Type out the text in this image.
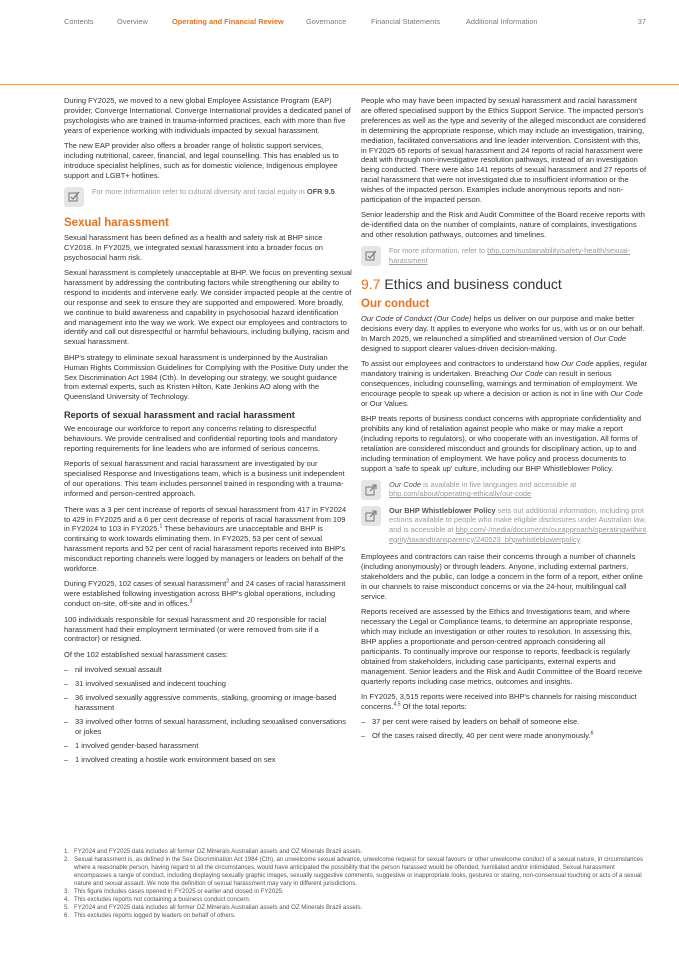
Contents	Overview	Operating and Financial Review	Governance	Financial Statements	Additional Information	37

During FY2025, we moved to a new global Employee Assistance Program (EAP) provider, Converge International. Converge International provides a dedicated panel of psychologists who are trained in trauma-informed practices, each with more than five years of experience working with individuals impacted by sexual harassment.

The new EAP provider also offers a broader range of holistic support services, including nutritional, career, financial, and legal counselling. This has enabled us to introduce specialist helplines, such as for domestic violence, Indigenous employee support and LGBT+ hotlines.

For more information refer to cultural diversity and racial equity in OFR 9.5.
Sexual harassment

Sexual harassment has been defined as a health and safety risk at BHP since CY2018. In FY2025, we integrated sexual harassment into a broader focus on psychosocial harm risk.

Sexual harassment is completely unacceptable at BHP. We focus on preventing sexual harassment by addressing the contributing factors while strengthening our ability to respond to incidents and intervene early. We consider impacted people at the centre of our response and seek to ensure they are supported and empowered. More broadly, we continue to build awareness and capability in psychosocial hazard identification and management into the way we work. We expect our employees and contractors to identify and call out disrespectful or harmful behaviours, including bullying, racism and sexual harassment.

BHP's strategy to eliminate sexual harassment is underpinned by the Australian Human Rights Commission Guidelines for Complying with the Positive Duty under the Sex Discrimination Act 1984 (Cth). In developing our strategy, we sought guidance from external experts, such as Kristen Hilton, Kate Jenkins AO along with the Queensland University of Technology.

Reports of sexual harassment and racial harassment

We encourage our workforce to report any concerns relating to disrespectful behaviours. We provide centralised and confidential reporting tools and mandatory reporting requirements for line leaders who are informed of serious concerns.

Reports of sexual harassment and racial harassment are investigated by our specialised Response and Investigations team, which is a business unit independent of our operations. This team includes personnel trained in responding with a trauma-informed and person-centred approach.

There was a 3 per cent increase of reports of sexual harassment from 417 in FY2024 to 429 in FY2025 and a 6 per cent decrease of reports of racial harassment from 109 in FY2024 to 103 in FY2025.$^1$ These behaviours are unacceptable and BHP is continuing to work towards eliminating them. In FY2025, 53 per cent of sexual harassment reports and 52 per cent of racial harassment reports received into BHP's misconduct reporting channels were logged by managers or leaders on behalf of the workforce.

During FY2025, 102 cases of sexual harassment$^2$ and 24 cases of racial harassment were established following investigation across BHP's global operations, including conduct on-site, off-site and in offices.$^3$

100 individuals responsible for sexual harassment and 20 responsible for racial harassment had their employment terminated (or were removed from site if a contractor) or resigned.

Of the 102 established sexual harassment cases:

– nil involved sexual assault
– 31 involved sexualised and indecent touching
– 36 involved sexually aggressive comments, stalking, grooming or image-based harassment
– 33 involved other forms of sexual harassment, including sexualised conversations or jokes
– 1 involved gender-based harassment
– 1 involved creating a hostile work environment based on sex

People who may have been impacted by sexual harassment and racial harassment are offered specialised support by the Ethics Support Service. The impacted person's preferences as well as the type and severity of the alleged misconduct are considered in determining the appropriate response, which may include an investigation, training, mediation, facilitated conversations and line leader intervention. Consistent with this, in FY2025 65 reports of sexual harassment and 24 reports of racial harassment were dealt with through non-investigative resolution pathways, instead of an investigation being conducted. There were also 141 reports of sexual harassment and 27 reports of racial harassment that were not investigated due to insufficient information or the wishes of the impacted person. Examples include anonymous reports and non-participation of the impacted person.

Senior leadership and the Risk and Audit Committee of the Board receive reports with de-identified data on the number of complaints, nature of complaints, investigations and other resolution pathways, outcomes and timelines.

For more information, refer to bhp.com/sustainability/safety-health/sexual-harassment
9.7 Ethics and business conduct
Our conduct

Our Code of Conduct (Our Code) helps us deliver on our purpose and make better decisions every day. It applies to everyone who works for us, with us or on our behalf. In March 2025, we relaunched a simplified and streamlined version of Our Code designed to support clearer values-driven decision-making.

To assist our employees and contractors to understand how Our Code applies, regular mandatory training is undertaken. Breaching Our Code can result in serious consequences, including counselling, warnings and termination of employment. We encourage people to speak up where a decision or action is not in line with Our Code or Our Values.

BHP treats reports of business conduct concerns with appropriate confidentiality and prohibits any kind of retaliation against people who make or may make a report (including reports to regulators), or who cooperate with an investigation. All forms of retaliation are considered misconduct and grounds for disciplinary action, up to and including termination of employment. We have policy and process documents to support a 'safe to speak up' culture, including our BHP Whistleblower Policy.

Our Code is available in five languages and accessible at bhp.com/about/operating-ethically/our-code
Our BHP Whistleblower Policy sets out additional information, including protections available to people who make eligible disclosures under Australian law, and is accessible at bhp.com/-/media/documents/ourapproach/operatingwithintegrity/taxandtransparency/240523_bhpwhistleblowerpolicy

Employees and contractors can raise their concerns through a number of channels (including anonymously) or through leaders. Anyone, including external partners, stakeholders and the public, can lodge a concern in the form of a report, either online in our channels to raise misconduct concerns or via the 24-hour, multilingual call service.

Reports received are assessed by the Ethics and Investigations team, and where necessary the Legal or Compliance teams, to determine an appropriate response, which may include an investigation or other routes to resolution. In assessing this, BHP applies a proportionate and person-centred approach considering all participants. To continually improve our response to reports, feedback is regularly obtained from stakeholders, including case participants, external experts and management. Senior leaders and the Risk and Audit Committee of the Board receive quarterly reports including case metrics, outcomes and insights.

In FY2025, 3,515 reports were received into BHP's channels for raising misconduct concerns.$^{4,5}$ Of the total reports:

– 37 per cent were raised by leaders on behalf of someone else.
– Of the cases raised directly, 40 per cent were made anonymously.$^6$
1. FY2024 and FY2025 data includes all former OZ Minerals Australian assets and OZ Minerals Brazil assets.
2. Sexual harassment is, as defined in the Sex Discrimination Act 1984 (Cth), an unwelcome sexual advance, unwelcome request for sexual favours or other unwelcome conduct of a sexual nature, in circumstances where a reasonable person, having regard to all the circumstances, would have anticipated the possibility that the person harassed would be offended, humiliated and/or intimidated. Sexual harassment encompasses a range of conduct, including displaying sexually graphic images, sexually suggestive comments, suggestive or inappropriate looks, gestures or staring, non-consensual touching or acts of a sexual nature and sexual assault. We note the definition of sexual harassment may vary in different jurisdictions.
3. This figure includes cases opened in FY2025 or earlier and closed in FY2025.
4. This excludes reports not containing a business conduct concern.
5. FY2024 and FY2025 data includes all former OZ Minerals Australian assets and OZ Minerals Brazil assets.
6. This excludes reports logged by leaders on behalf of others.
